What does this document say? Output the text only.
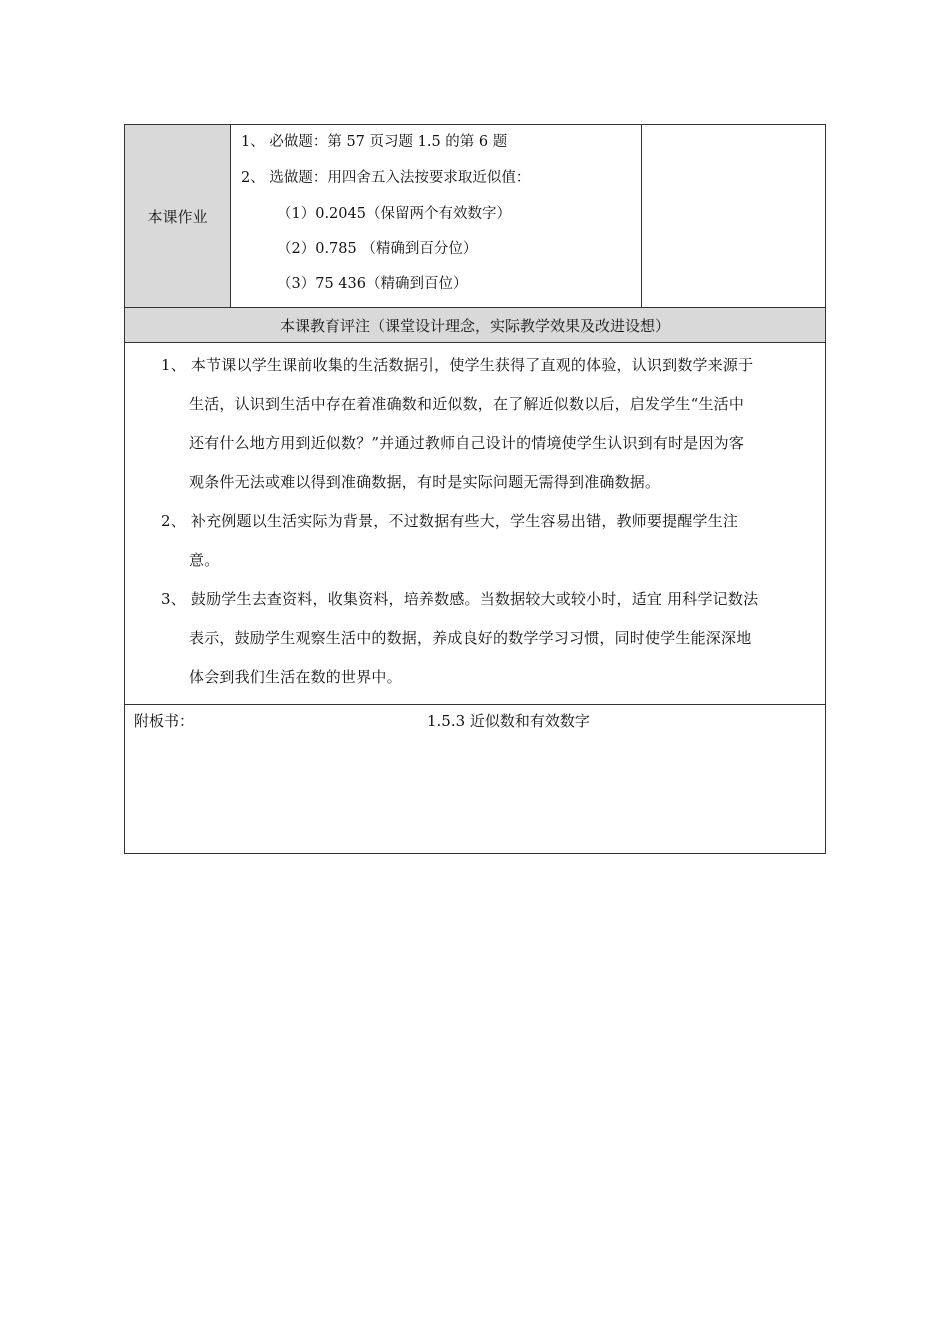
本课作业
1、 必做题：第 57 页习题 1.5 的第 6 题
2、 选做题：用四舍五入法按要求取近似值：
（1）0.2045（保留两个有效数字）
（2）0.785 （精确到百分位）
（3）75 436（精确到百位）
本课教育评注（课堂设计理念，实际教学效果及改进设想）
1、 本节课以学生课前收集的生活数据引，使学生获得了直观的体验，认识到数学来源于
生活，认识到生活中存在着准确数和近似数，在了解近似数以后，启发学生“生活中
还有什么地方用到近似数？”并通过教师自己设计的情境使学生认识到有时是因为客
观条件无法或难以得到准确数据，有时是实际问题无需得到准确数据。
2、 补充例题以生活实际为背景，不过数据有些大，学生容易出错，教师要提醒学生注
意。
3、 鼓励学生去查资料，收集资料，培养数感。当数据较大或较小时，适宜 用科学记数法
表示，鼓励学生观察生活中的数据，养成良好的数学学习习惯，同时使学生能深深地
体会到我们生活在数的世界中。
附板书：	1.5.3 近似数和有效数字
